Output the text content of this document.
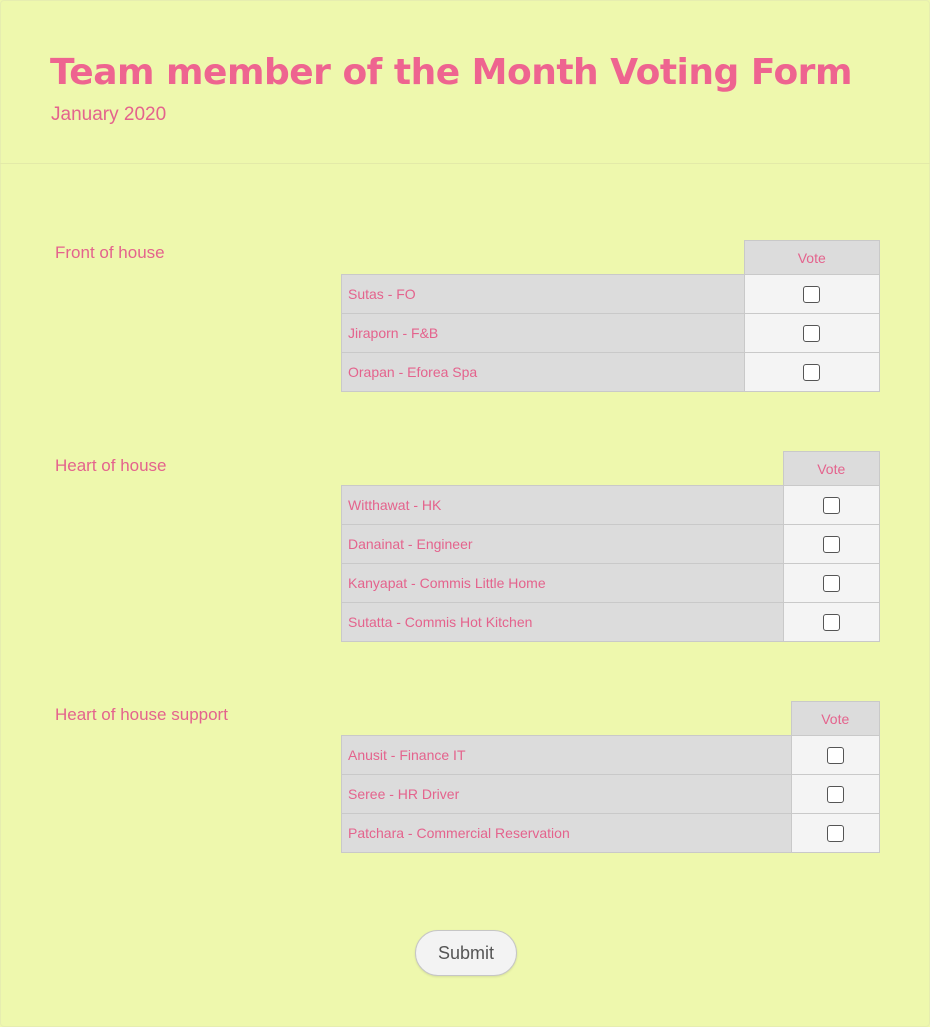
Team member of the Month Voting Form
January 2020
Front of house
		Vote
Sutas - FO	
Jiraporn - F&B	
Orapan - Eforea Spa	
Heart of house
		Vote
Witthawat - HK	
Danainat - Engineer	
Kanyapat - Commis Little Home	
Sutatta - Commis Hot Kitchen	
Heart of house support
		Vote
Anusit - Finance IT	
Seree - HR Driver	
Patchara - Commercial Reservation	
Submit
